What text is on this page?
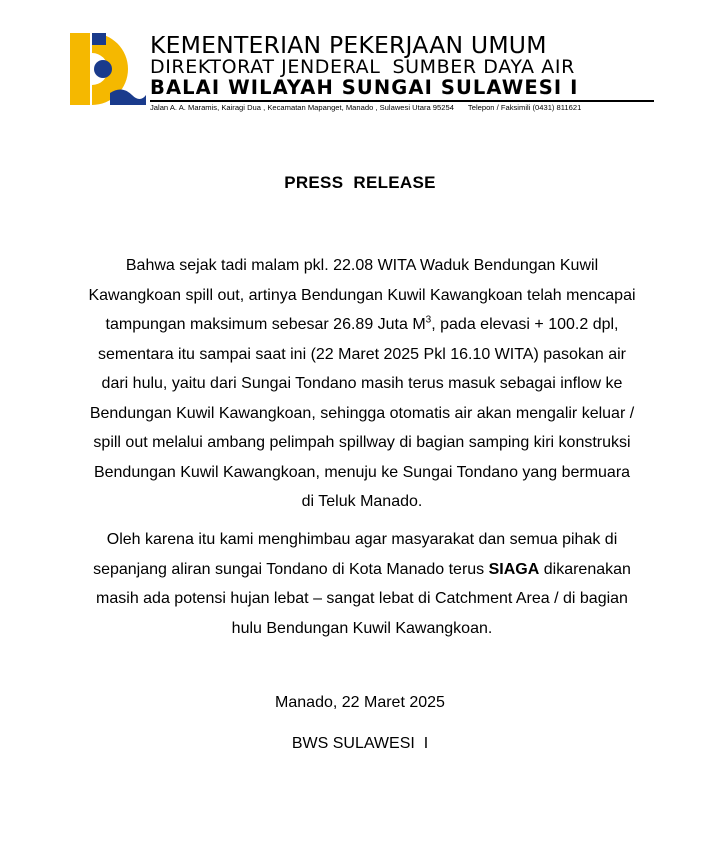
KEMENTERIAN PEKERJAAN UMUM

DIREKTORAT JENDERAL SUMBER DAYA AIR

BALAI WILAYAH SUNGAI SULAWESI I

Jalan A. A. Maramis, Kairagi Dua , Kecamatan Mapanget, Manado , Sulawesi Utara 95254 Telepon / Faksimili (0431) 811621
PRESS  RELEASE

Bahwa sejak tadi malam pkl. 22.08 WITA Waduk Bendungan Kuwil
Kawangkoan spill out, artinya Bendungan Kuwil Kawangkoan telah mencapai
tampungan maksimum sebesar 26.89 Juta $M^3$, pada elevasi + 100.2 dpl,
sementara itu sampai saat ini (22 Maret 2025 Pkl 16.10 WITA) pasokan air
dari hulu, yaitu dari Sungai Tondano masih terus masuk sebagai inflow ke
Bendungan Kuwil Kawangkoan, sehingga otomatis air akan mengalir keluar /
spill out melalui ambang pelimpah spillway di bagian samping kiri konstruksi
Bendungan Kuwil Kawangkoan, menuju ke Sungai Tondano yang bermuara
di Teluk Manado.

Oleh karena itu kami menghimbau agar masyarakat dan semua pihak di
sepanjang aliran sungai Tondano di Kota Manado terus SIAGA dikarenakan
masih ada potensi hujan lebat – sangat lebat di Catchment Area / di bagian
hulu Bendungan Kuwil Kawangkoan.

Manado, 22 Maret 2025
BWS SULAWESI  I
